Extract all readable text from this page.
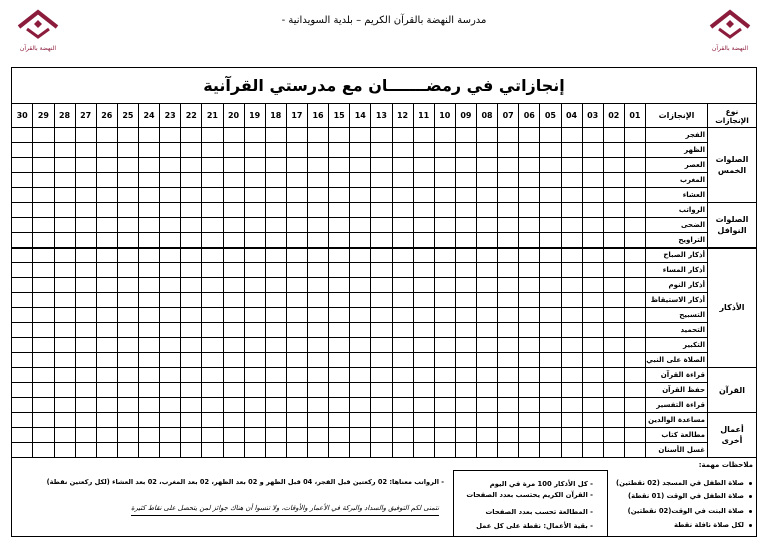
النهضة بالقرآن
مدرسة النهضة بالقرآن الكريم – بلدية السويدانية -
النهضة بالقرآن
إنجازاتي في رمضـــــــان مع مدرستي القرآنية
نوع
الإنجازات	الإنجازات	01	02	03	04	05	06	07	08	09	10	11	12	13	14	15	16	17	18	19	20	21	22	23	24	25	26	27	28	29	30

الصلوات
الخمس	الفجر																														
	الظهر																														
	العصر																														
	المغرب																														
	العشاء																														

الصلوات
النوافل	الرواتب																														
	الضحى																														
	التراويح																														

الأذكار	أذكار الصباح																														
	أذكار المساء																														
	أذكار النوم																														
	أذكار الاستيقاظ																														
	التسبيح																														
	التحميد																														
	التكبير																														
	الصلاة على النبي																														

القرآن	قراءة القرآن																														
	حفظ القرآن																														
	قراءة التفسير																														

أعمال
أخرى	مساعدة الوالدين																														
	مطالعة كتاب																														
	غسل الأسنان																														
ملاحظات مهمة:
صلاة الطفل في المسجد (02 نقطتين)
صلاة الطفل في الوقت (01 نقطة)
صلاة البنت في الوقت(02 نقطتين)
لكل صلاة نافلة نقطة
- كل الأذكار 100 مرة في اليوم
- القرآن الكريم يحتسب بعدد الصفحات
- المطالعة تحسب بعدد الصفحات
- بقية الأعمال: نقطة على كل عمل
- الرواتب معناها: 02 ركعتين قبل الفجر، 04 قبل الظهر و 02 بعد الظهر، 02 بعد المغرب، 02 بعد العشاء (لكل ركعتين نقطة)
نتمنى لكم التوفيق والسداد والبركة في الأعمار والأوقات، ولا تنسوا أن هناك جوائز لمن يتحصل على نقاط كثيرة
